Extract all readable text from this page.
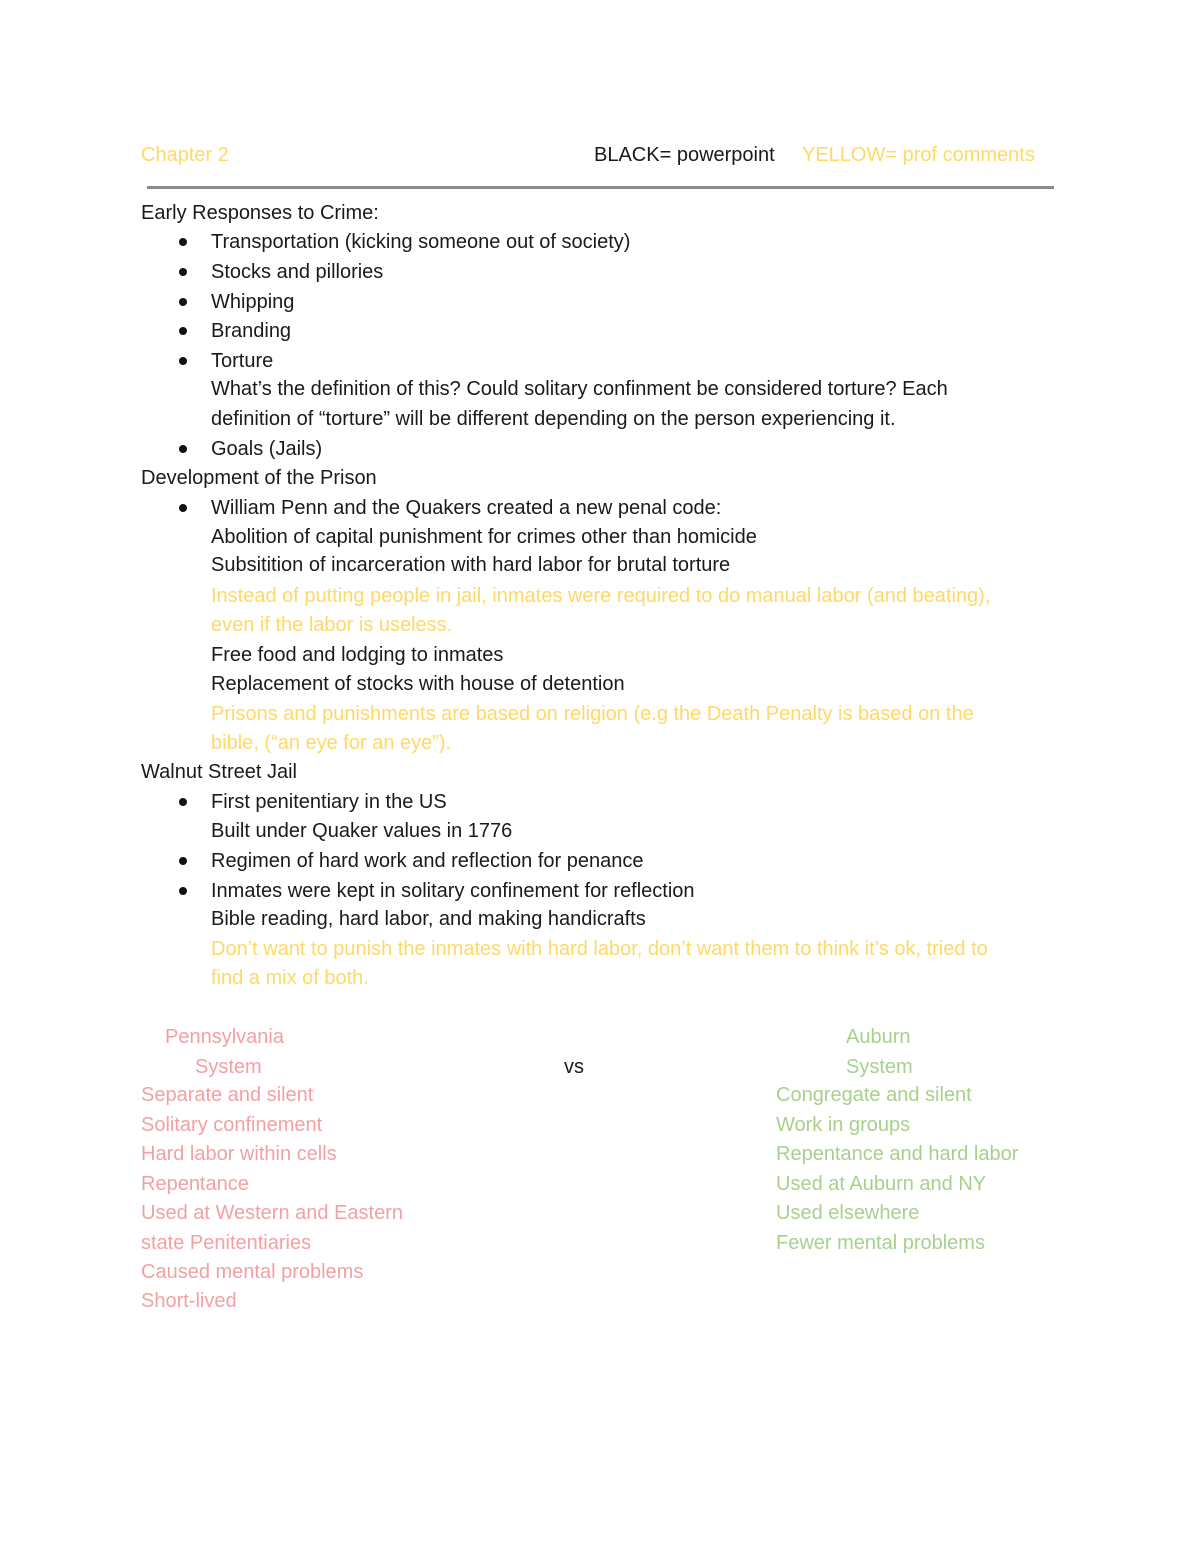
Chapter 2	BLACK= powerpoint YELLOW= prof comments
Early Responses to Crime:
Transportation (kicking someone out of society)
Stocks and pillories
Whipping
Branding
Torture
What’s the definition of this? Could solitary confinment be considered torture? Each
definition of “torture” will be different depending on the person experiencing it.
Goals (Jails)
Development of the Prison
William Penn and the Quakers created a new penal code:
Abolition of capital punishment for crimes other than homicide
Subsitition of incarceration with hard labor for brutal torture
Instead of putting people in jail, inmates were required to do manual labor (and beating),
even if the labor is useless.
Free food and lodging to inmates
Replacement of stocks with house of detention
Prisons and punishments are based on religion (e.g the Death Penalty is based on the
bible, (“an eye for an eye”).
Walnut Street Jail
First penitentiary in the US
Built under Quaker values in 1776
Regimen of hard work and reflection for penance
Inmates were kept in solitary confinement for reflection
Bible reading, hard labor, and making handicrafts
Don’t want to punish the inmates with hard labor, don’t want them to think it’s ok, tried to
find a mix of both.
Pennsylvania
System	vs
Auburn
System
Separate and silent
Solitary confinement
Hard labor within cells
Repentance
Used at Western and Eastern
state Penitentiaries
Caused mental problems
Short-lived
Congregate and silent
Work in groups
Repentance and hard labor
Used at Auburn and NY
Used elsewhere
Fewer mental problems
